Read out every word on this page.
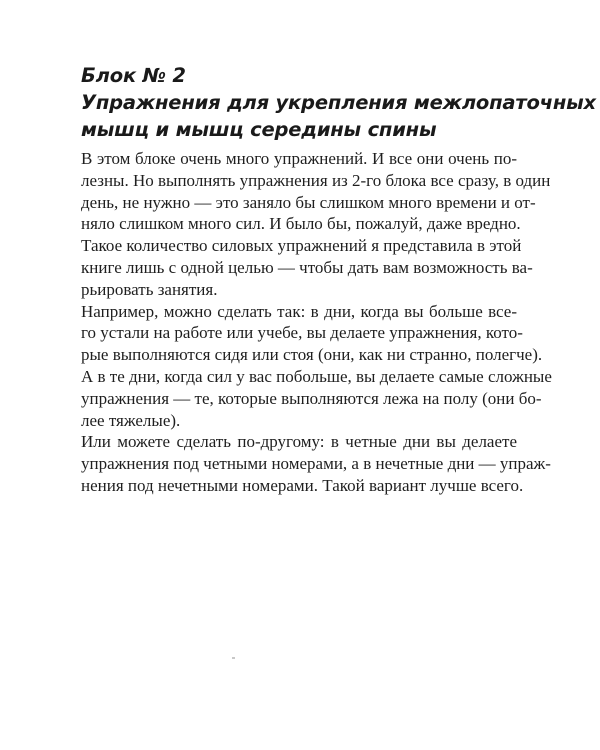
Блок № 2
Упражнения для укрепления межлопаточных
мышц и мышц середины спины

В этом блоке очень много упражнений. И все они очень по-
лезны. Но выполнять упражнения из 2-го блока все сразу, в один
день, не нужно — это заняло бы слишком много времени и от-
няло слишком много сил. И было бы, пожалуй, даже вредно.

Такое количество силовых упражнений я представила в этой
книге лишь с одной целью — чтобы дать вам возможность ва-
рьировать занятия.

Например, можно сделать так: в дни, когда вы больше все-
го устали на работе или учебе, вы делаете упражнения, кото-
рые выполняются сидя или стоя (они, как ни странно, полегче).
А в те дни, когда сил у вас побольше, вы делаете самые сложные
упражнения — те, которые выполняются лежа на полу (они бо-
лее тяжелые).

Или можете сделать по-другому: в четные дни вы делаете
упражнения под четными номерами, а в нечетные дни — упраж-
нения под нечетными номерами. Такой вариант лучше всего.
